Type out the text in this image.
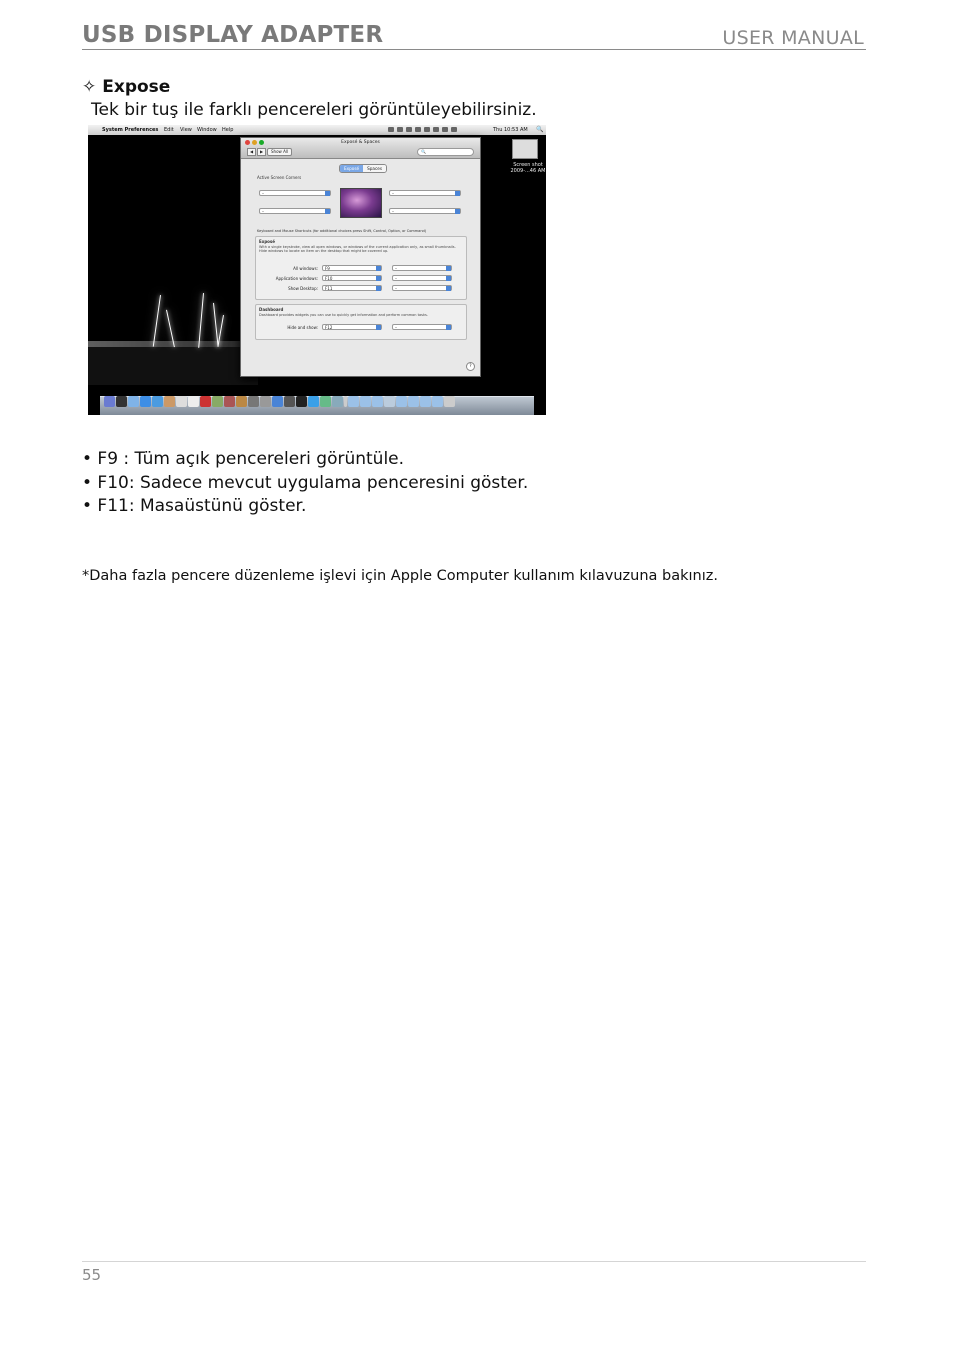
USB DISPLAY ADAPTER	USER MANUAL
✧ Expose
Tek bir tuş ile farklı pencereleri görüntüleyebilirsiniz.
System Preferences Edit View Window Help	Thu 10:53 AM 🔍
Screen shot 2009-...46 AM
Exposé & Spaces
◀ ▶	Show All	🔍
Exposé	Spaces
Active Screen Corners
–
–
–
–
Keyboard and Mouse Shortcuts (for additional choices press Shift, Control, Option, or Command)
Exposé
With a single keystroke, view all open windows, or windows of the current application only, as small thumbnails. Hide windows to locate an item on the desktop that might be covered up.
All windows:	F9	–
Application windows:	F10	–
Show Desktop:	F11	–
Dashboard
Dashboard provides widgets you can use to quickly get information and perform common tasks.
Hide and show:	F12	–
?
• F9 : Tüm açık pencereleri görüntüle.
• F10: Sadece mevcut uygulama penceresini göster.
• F11: Masaüstünü göster.
*Daha fazla pencere düzenleme işlevi için Apple Computer kullanım kılavuzuna bakınız.
55
